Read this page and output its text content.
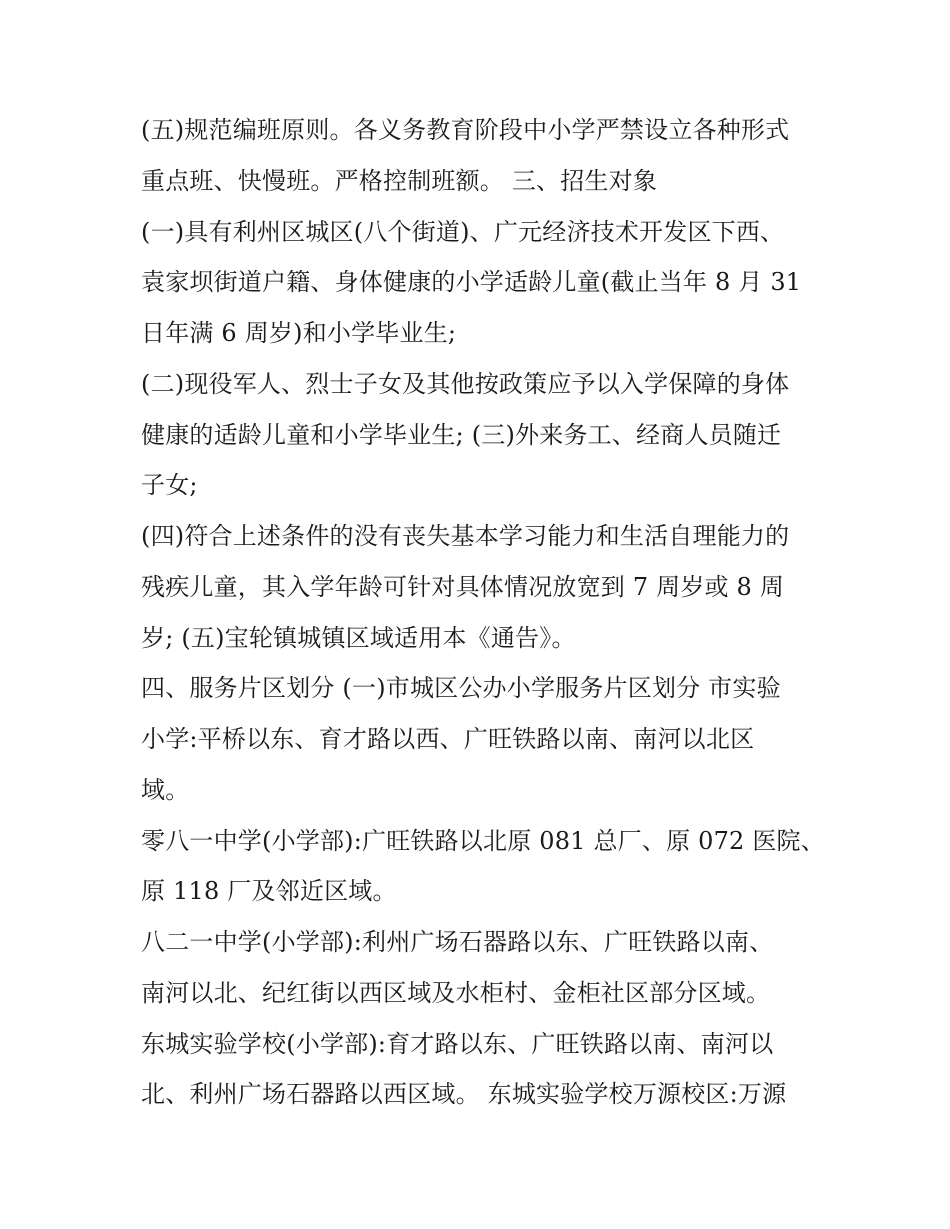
(五)规范编班原则。各义务教育阶段中小学严禁设立各种形式
重点班、快慢班。严格控制班额。 三、招生对象
(一)具有利州区城区(八个街道)、广元经济技术开发区下西、
袁家坝街道户籍、身体健康的小学适龄儿童(截止当年 8 月 31
日年满 6 周岁)和小学毕业生;
(二)现役军人、烈士子女及其他按政策应予以入学保障的身体
健康的适龄儿童和小学毕业生; (三)外来务工、经商人员随迁
子女;
(四)符合上述条件的没有丧失基本学习能力和生活自理能力的
残疾儿童，其入学年龄可针对具体情况放宽到 7 周岁或 8 周
岁; (五)宝轮镇城镇区域适用本《通告》。
四、服务片区划分 (一)市城区公办小学服务片区划分 市实验
小学:平桥以东、育才路以西、广旺铁路以南、南河以北区
域。
零八一中学(小学部):广旺铁路以北原 081 总厂、原 072 医院、
原 118 厂及邻近区域。
八二一中学(小学部):利州广场石器路以东、广旺铁路以南、
南河以北、纪红街以西区域及水柜村、金柜社区部分区域。
东城实验学校(小学部):育才路以东、广旺铁路以南、南河以
北、利州广场石器路以西区域。 东城实验学校万源校区:万源
